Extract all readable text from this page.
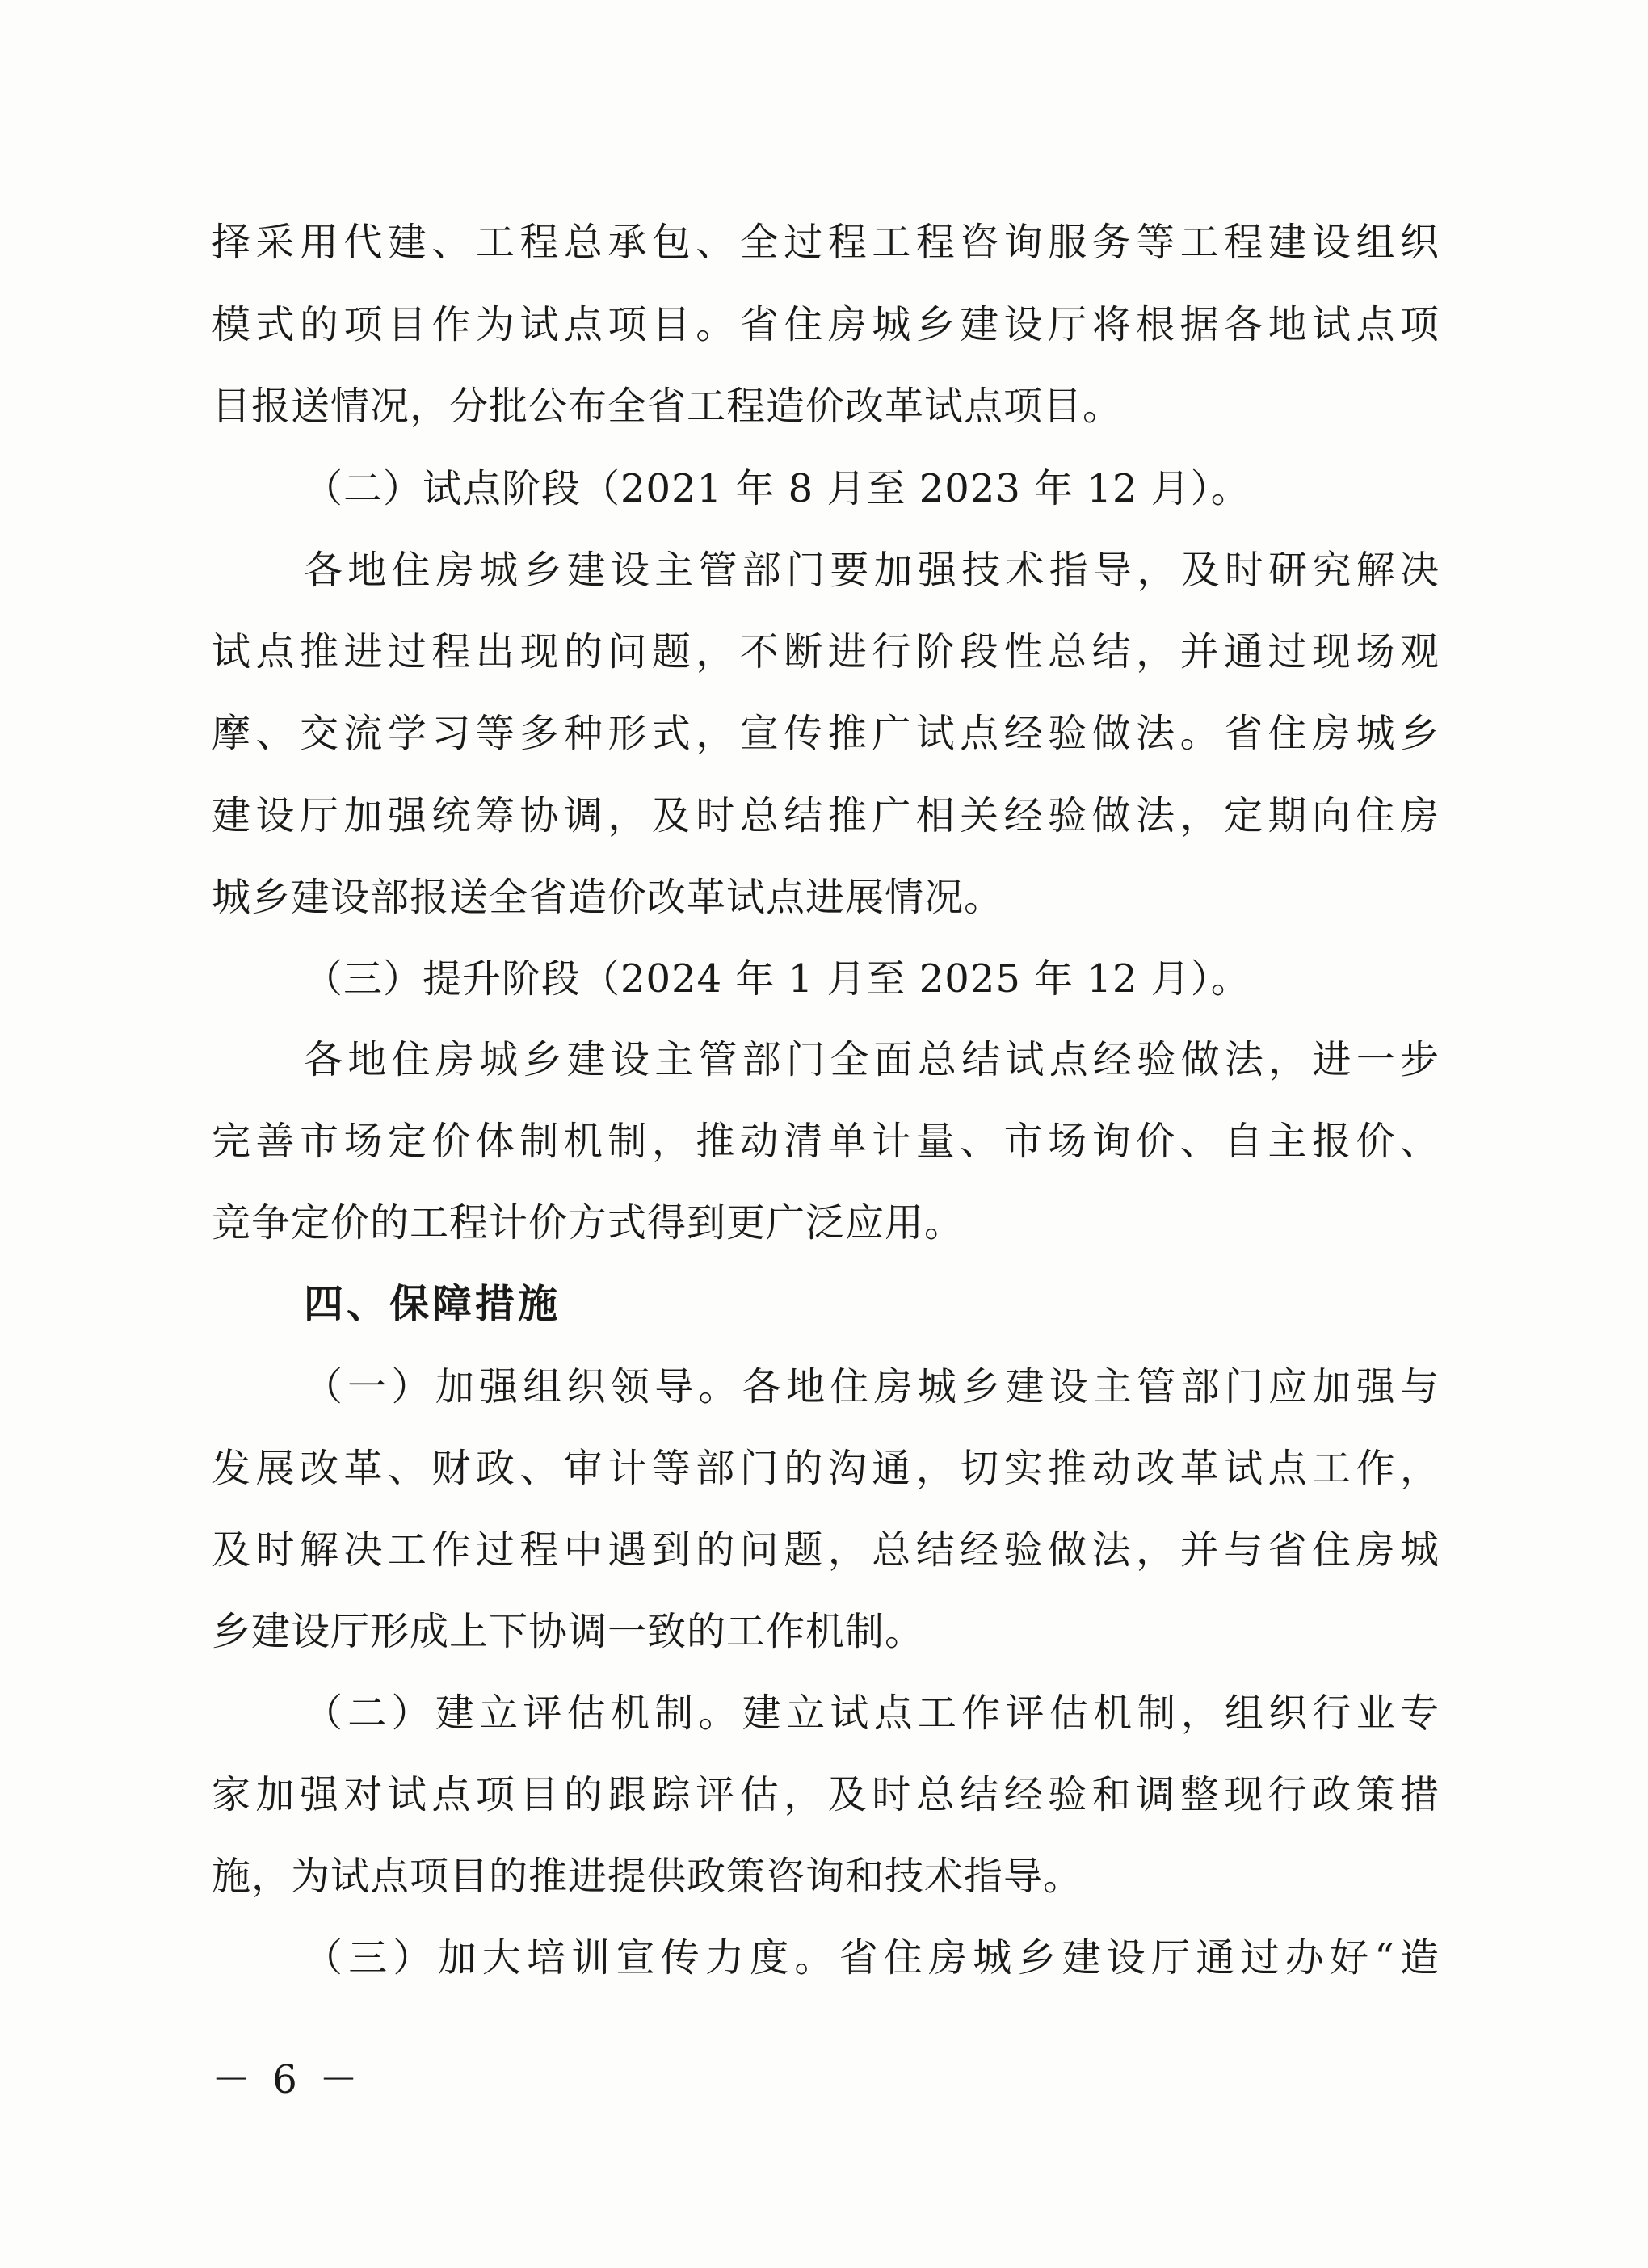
择采用代建、工程总承包、全过程工程咨询服务等工程建设组织
模式的项目作为试点项目。省住房城乡建设厅将根据各地试点项
目报送情况，分批公布全省工程造价改革试点项目。
（二）试点阶段（2021 年 8 月至 2023 年 12 月）。
各地住房城乡建设主管部门要加强技术指导，及时研究解决
试点推进过程出现的问题，不断进行阶段性总结，并通过现场观
摩、交流学习等多种形式，宣传推广试点经验做法。省住房城乡
建设厅加强统筹协调，及时总结推广相关经验做法，定期向住房
城乡建设部报送全省造价改革试点进展情况。
（三）提升阶段（2024 年 1 月至 2025 年 12 月）。
各地住房城乡建设主管部门全面总结试点经验做法，进一步
完善市场定价体制机制，推动清单计量、市场询价、自主报价、
竞争定价的工程计价方式得到更广泛应用。
四、保障措施
（一）加强组织领导。各地住房城乡建设主管部门应加强与
发展改革、财政、审计等部门的沟通，切实推动改革试点工作，
及时解决工作过程中遇到的问题，总结经验做法，并与省住房城
乡建设厅形成上下协调一致的工作机制。
（二）建立评估机制。建立试点工作评估机制，组织行业专
家加强对试点项目的跟踪评估，及时总结经验和调整现行政策措
施，为试点项目的推进提供政策咨询和技术指导。
（三）加大培训宣传力度。省住房城乡建设厅通过办好“造
－ 6 －
